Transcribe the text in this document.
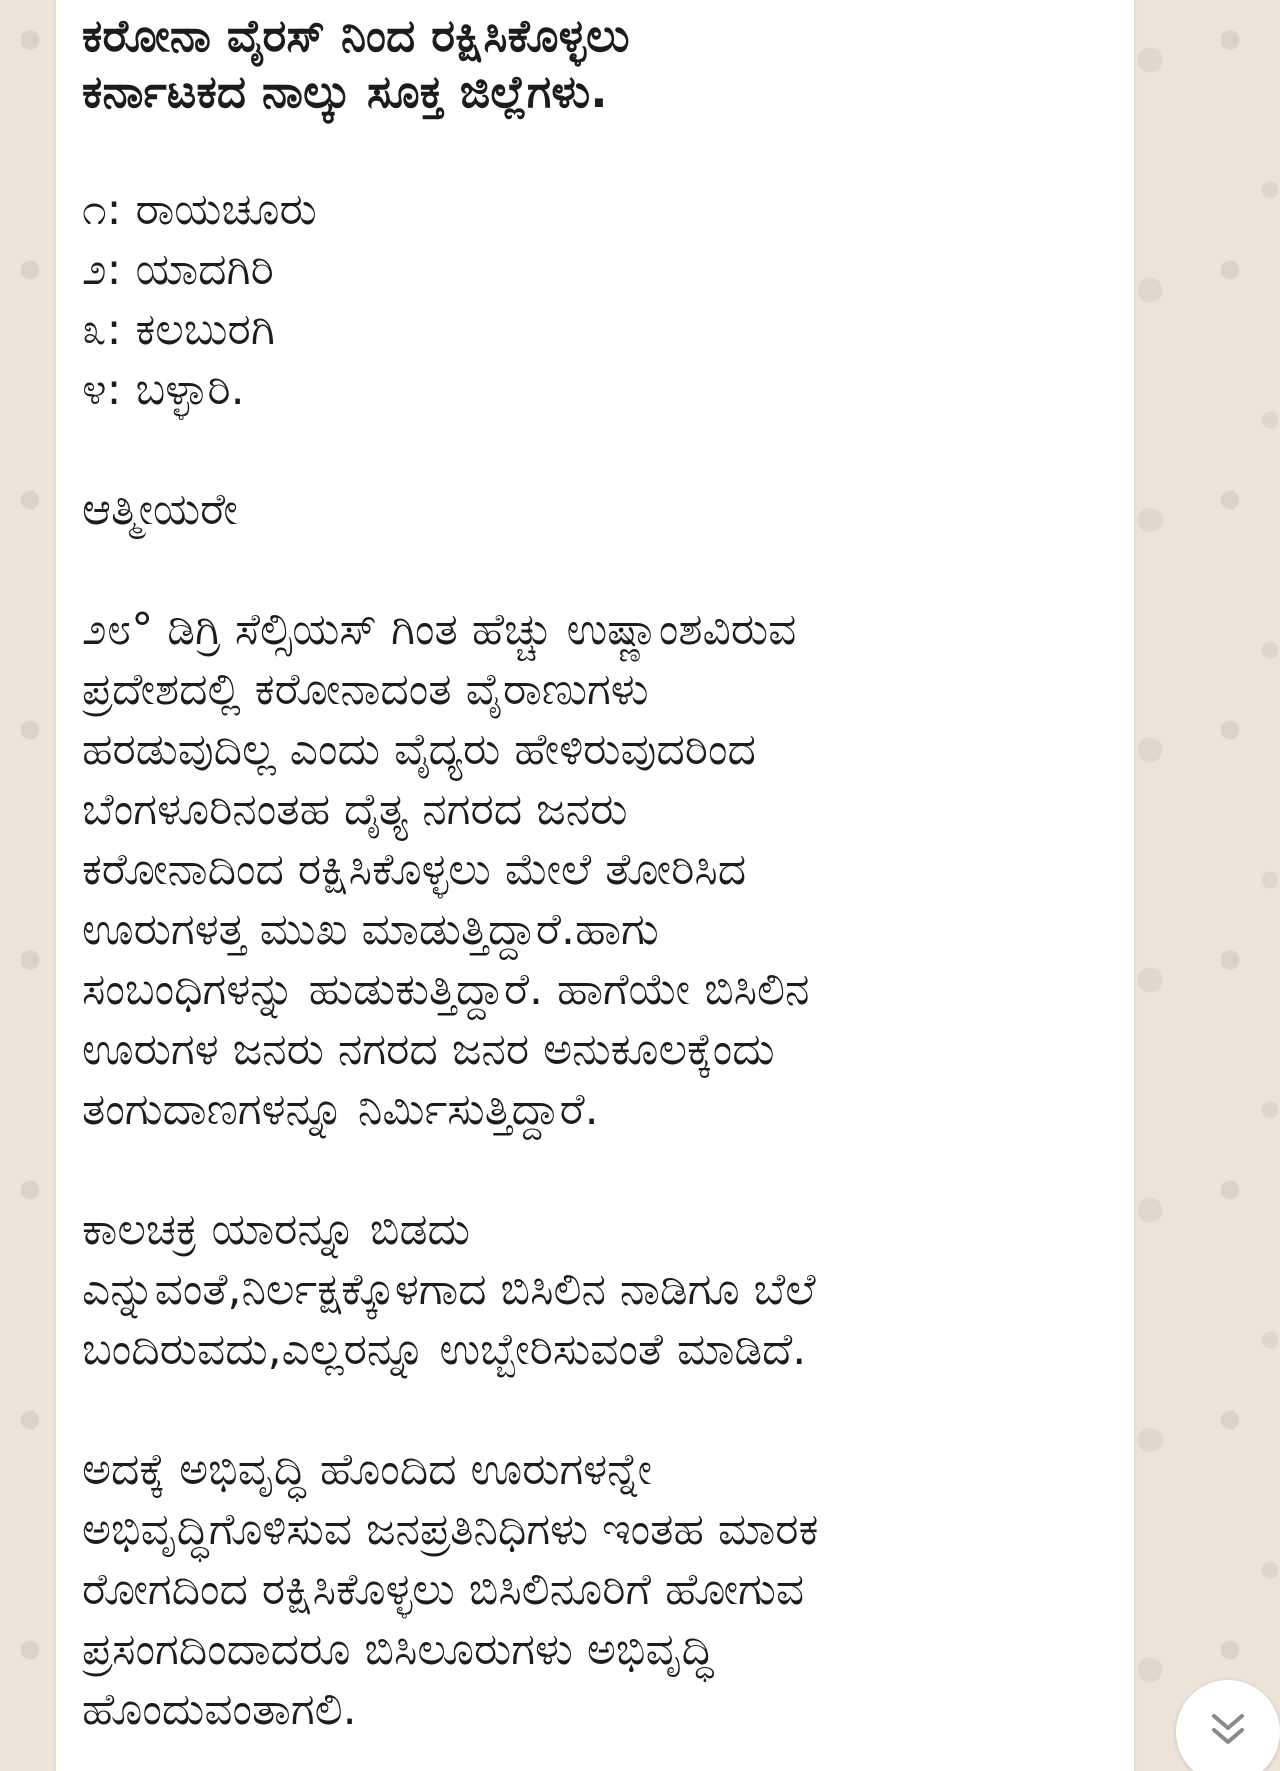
ಕರೋನಾ ವೈರಸ್ ನಿಂದ ರಕ್ಷಿಸಿಕೊಳ್ಳಲು
ಕರ್ನಾಟಕದ ನಾಲ್ಕು ಸೂಕ್ತ ಜಿಲ್ಲೆಗಳು.
೧: ರಾಯಚೂರು
೨: ಯಾದಗಿರಿ
೩: ಕಲಬುರಗಿ
೪: ಬಳ್ಳಾರಿ.
ಆತ್ಮೀಯರೇ
೨೮° ಡಿಗ್ರಿ ಸೆಲ್ಸಿಯಸ್ ಗಿಂತ ಹೆಚ್ಚು ಉಷ್ಣಾಂಶವಿರುವ
ಪ್ರದೇಶದಲ್ಲಿ ಕರೋನಾದಂತ ವೈರಾಣುಗಳು
ಹರಡುವುದಿಲ್ಲ ಎಂದು ವೈದ್ಯರು ಹೇಳಿರುವುದರಿಂದ
ಬೆಂಗಳೂರಿನಂತಹ ದೈತ್ಯ ನಗರದ ಜನರು
ಕರೋನಾದಿಂದ ರಕ್ಷಿಸಿಕೊಳ್ಳಲು ಮೇಲೆ ತೋರಿಸಿದ
ಊರುಗಳತ್ತ ಮುಖ ಮಾಡುತ್ತಿದ್ದಾರೆ.ಹಾಗು
ಸಂಬಂಧಿಗಳನ್ನು ಹುಡುಕುತ್ತಿದ್ದಾರೆ. ಹಾಗೆಯೇ ಬಿಸಿಲಿನ
ಊರುಗಳ ಜನರು ನಗರದ ಜನರ ಅನುಕೂಲಕ್ಕೆಂದು
ತಂಗುದಾಣಗಳನ್ನೂ ನಿರ್ಮಿಸುತ್ತಿದ್ದಾರೆ.
ಕಾಲಚಕ್ರ ಯಾರನ್ನೂ ಬಿಡದು
ಎನ್ನುವಂತೆ,ನಿರ್ಲಕ್ಷಕ್ಕೊಳಗಾದ ಬಿಸಿಲಿನ ನಾಡಿಗೂ ಬೆಲೆ
ಬಂದಿರುವದು,ಎಲ್ಲರನ್ನೂ ಉಬ್ಬೇರಿಸುವಂತೆ ಮಾಡಿದೆ.
ಅದಕ್ಕೆ ಅಭಿವೃದ್ಧಿ ಹೊಂದಿದ ಊರುಗಳನ್ನೇ
ಅಭಿವೃದ್ಧಿಗೊಳಿಸುವ ಜನಪ್ರತಿನಿಧಿಗಳು ಇಂತಹ ಮಾರಕ
ರೋಗದಿಂದ ರಕ್ಷಿಸಿಕೊಳ್ಳಲು ಬಿಸಿಲಿನೂರಿಗೆ ಹೋಗುವ
ಪ್ರಸಂಗದಿಂದಾದರೂ ಬಿಸಿಲೂರುಗಳು ಅಭಿವೃದ್ಧಿ
ಹೊಂದುವಂತಾಗಲಿ.
